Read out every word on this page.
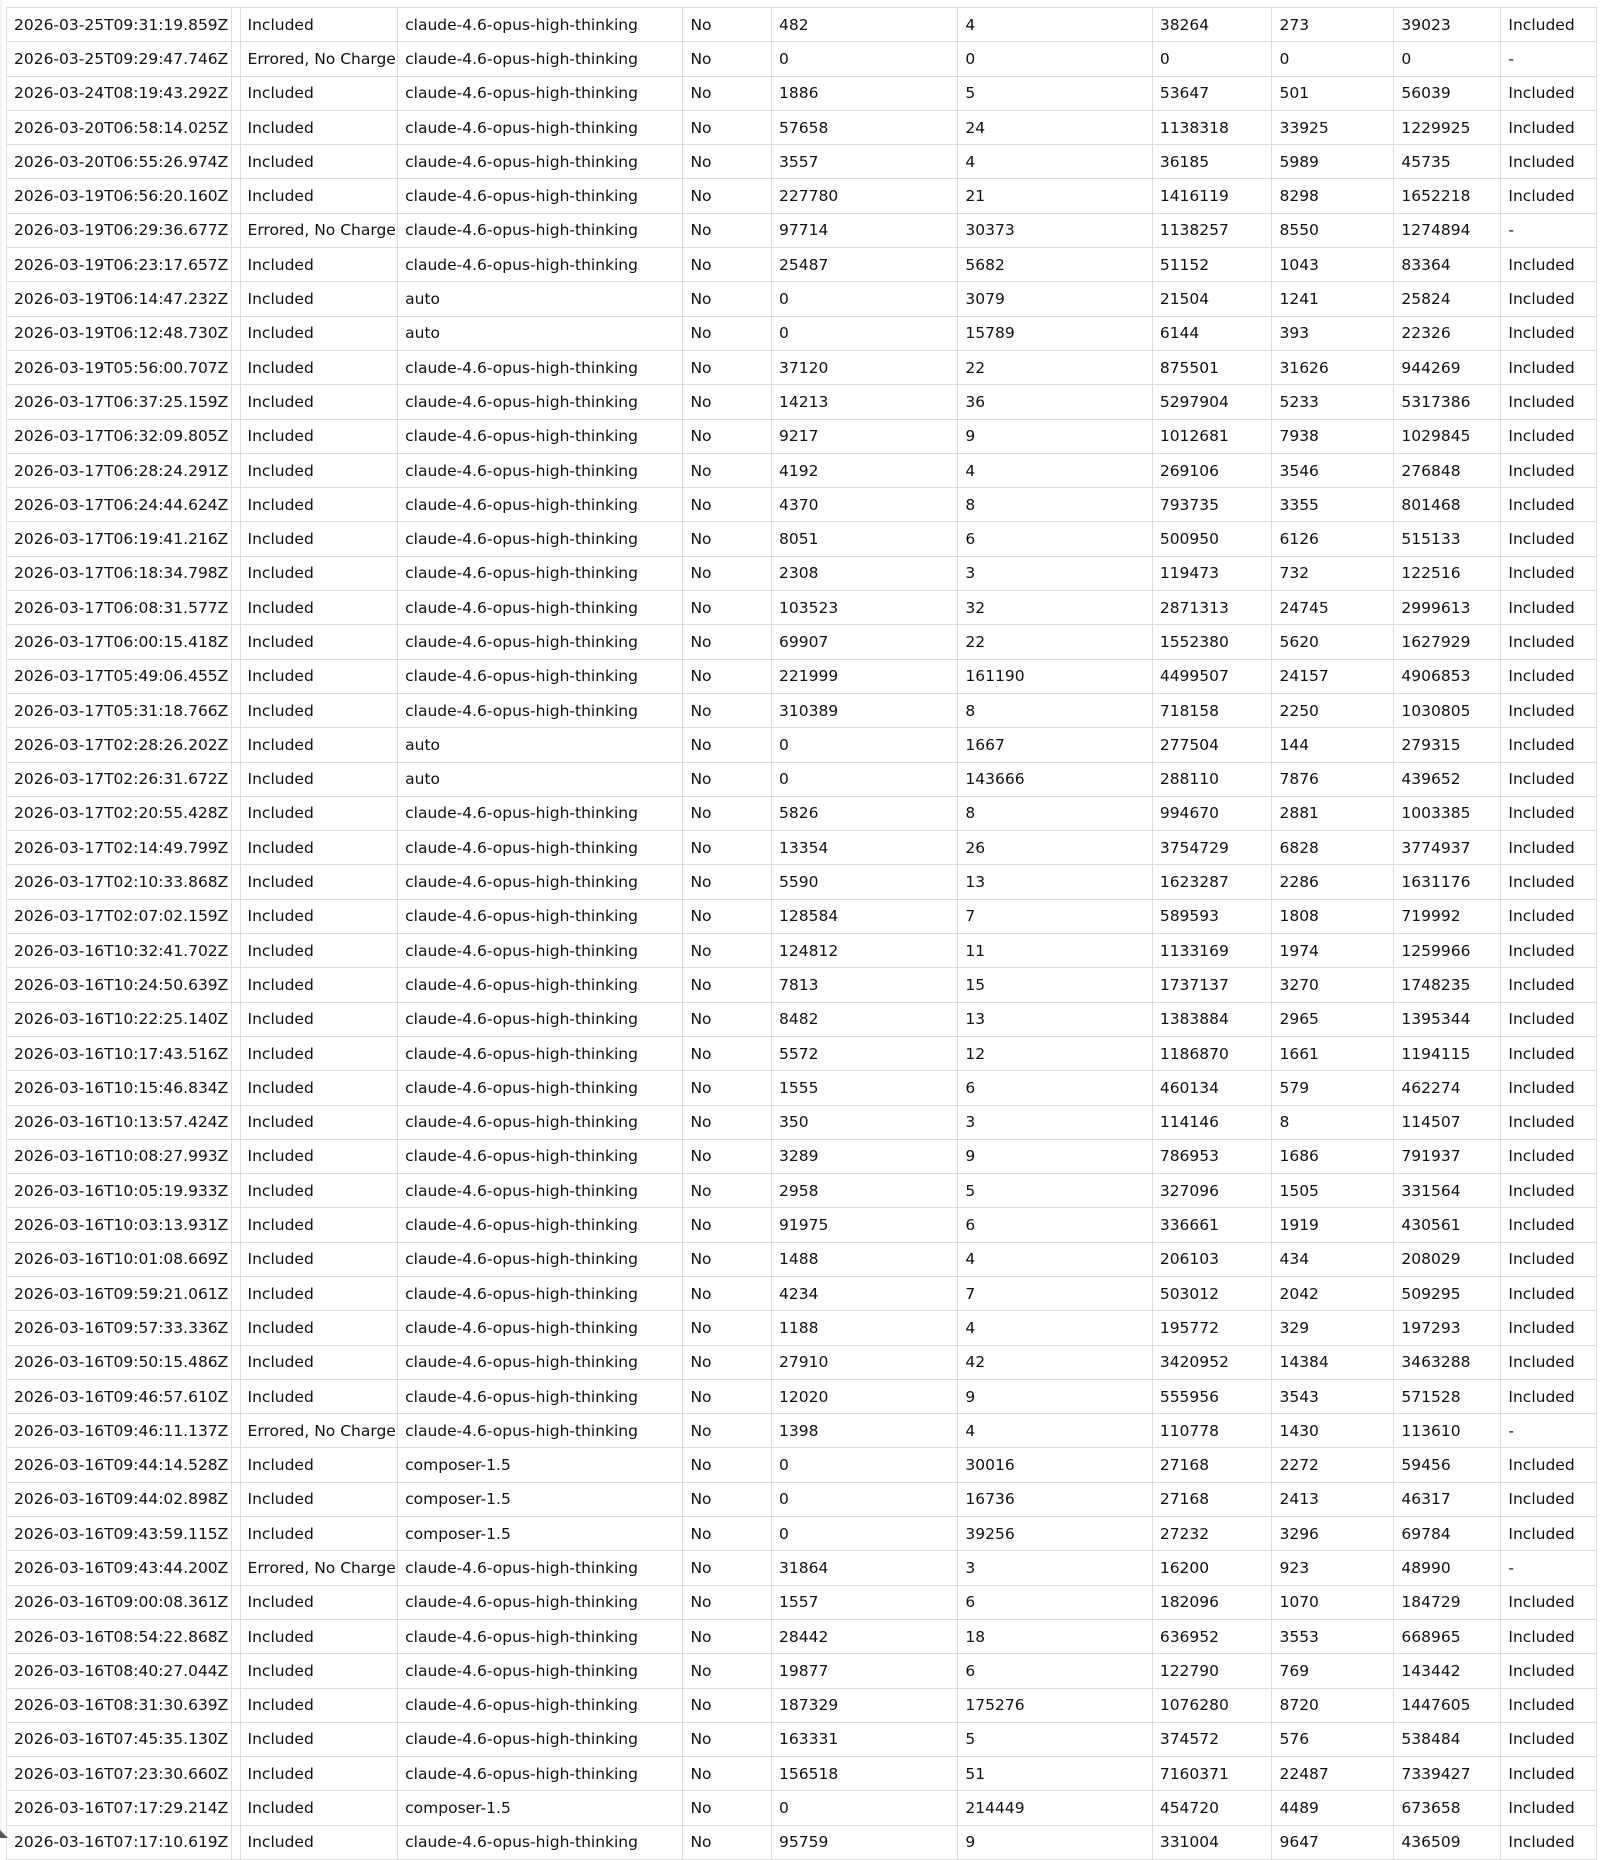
2026-03-25T09:31:19.859Z		Included	claude-4.6-opus-high-thinking	No	482	4	38264	273	39023	Included
2026-03-25T09:29:47.746Z		Errored, No Charge	claude-4.6-opus-high-thinking	No	0	0	0	0	0	-
2026-03-24T08:19:43.292Z		Included	claude-4.6-opus-high-thinking	No	1886	5	53647	501	56039	Included
2026-03-20T06:58:14.025Z		Included	claude-4.6-opus-high-thinking	No	57658	24	1138318	33925	1229925	Included
2026-03-20T06:55:26.974Z		Included	claude-4.6-opus-high-thinking	No	3557	4	36185	5989	45735	Included
2026-03-19T06:56:20.160Z		Included	claude-4.6-opus-high-thinking	No	227780	21	1416119	8298	1652218	Included
2026-03-19T06:29:36.677Z		Errored, No Charge	claude-4.6-opus-high-thinking	No	97714	30373	1138257	8550	1274894	-
2026-03-19T06:23:17.657Z		Included	claude-4.6-opus-high-thinking	No	25487	5682	51152	1043	83364	Included
2026-03-19T06:14:47.232Z		Included	auto	No	0	3079	21504	1241	25824	Included
2026-03-19T06:12:48.730Z		Included	auto	No	0	15789	6144	393	22326	Included
2026-03-19T05:56:00.707Z		Included	claude-4.6-opus-high-thinking	No	37120	22	875501	31626	944269	Included
2026-03-17T06:37:25.159Z		Included	claude-4.6-opus-high-thinking	No	14213	36	5297904	5233	5317386	Included
2026-03-17T06:32:09.805Z		Included	claude-4.6-opus-high-thinking	No	9217	9	1012681	7938	1029845	Included
2026-03-17T06:28:24.291Z		Included	claude-4.6-opus-high-thinking	No	4192	4	269106	3546	276848	Included
2026-03-17T06:24:44.624Z		Included	claude-4.6-opus-high-thinking	No	4370	8	793735	3355	801468	Included
2026-03-17T06:19:41.216Z		Included	claude-4.6-opus-high-thinking	No	8051	6	500950	6126	515133	Included
2026-03-17T06:18:34.798Z		Included	claude-4.6-opus-high-thinking	No	2308	3	119473	732	122516	Included
2026-03-17T06:08:31.577Z		Included	claude-4.6-opus-high-thinking	No	103523	32	2871313	24745	2999613	Included
2026-03-17T06:00:15.418Z		Included	claude-4.6-opus-high-thinking	No	69907	22	1552380	5620	1627929	Included
2026-03-17T05:49:06.455Z		Included	claude-4.6-opus-high-thinking	No	221999	161190	4499507	24157	4906853	Included
2026-03-17T05:31:18.766Z		Included	claude-4.6-opus-high-thinking	No	310389	8	718158	2250	1030805	Included
2026-03-17T02:28:26.202Z		Included	auto	No	0	1667	277504	144	279315	Included
2026-03-17T02:26:31.672Z		Included	auto	No	0	143666	288110	7876	439652	Included
2026-03-17T02:20:55.428Z		Included	claude-4.6-opus-high-thinking	No	5826	8	994670	2881	1003385	Included
2026-03-17T02:14:49.799Z		Included	claude-4.6-opus-high-thinking	No	13354	26	3754729	6828	3774937	Included
2026-03-17T02:10:33.868Z		Included	claude-4.6-opus-high-thinking	No	5590	13	1623287	2286	1631176	Included
2026-03-17T02:07:02.159Z		Included	claude-4.6-opus-high-thinking	No	128584	7	589593	1808	719992	Included
2026-03-16T10:32:41.702Z		Included	claude-4.6-opus-high-thinking	No	124812	11	1133169	1974	1259966	Included
2026-03-16T10:24:50.639Z		Included	claude-4.6-opus-high-thinking	No	7813	15	1737137	3270	1748235	Included
2026-03-16T10:22:25.140Z		Included	claude-4.6-opus-high-thinking	No	8482	13	1383884	2965	1395344	Included
2026-03-16T10:17:43.516Z		Included	claude-4.6-opus-high-thinking	No	5572	12	1186870	1661	1194115	Included
2026-03-16T10:15:46.834Z		Included	claude-4.6-opus-high-thinking	No	1555	6	460134	579	462274	Included
2026-03-16T10:13:57.424Z		Included	claude-4.6-opus-high-thinking	No	350	3	114146	8	114507	Included
2026-03-16T10:08:27.993Z		Included	claude-4.6-opus-high-thinking	No	3289	9	786953	1686	791937	Included
2026-03-16T10:05:19.933Z		Included	claude-4.6-opus-high-thinking	No	2958	5	327096	1505	331564	Included
2026-03-16T10:03:13.931Z		Included	claude-4.6-opus-high-thinking	No	91975	6	336661	1919	430561	Included
2026-03-16T10:01:08.669Z		Included	claude-4.6-opus-high-thinking	No	1488	4	206103	434	208029	Included
2026-03-16T09:59:21.061Z		Included	claude-4.6-opus-high-thinking	No	4234	7	503012	2042	509295	Included
2026-03-16T09:57:33.336Z		Included	claude-4.6-opus-high-thinking	No	1188	4	195772	329	197293	Included
2026-03-16T09:50:15.486Z		Included	claude-4.6-opus-high-thinking	No	27910	42	3420952	14384	3463288	Included
2026-03-16T09:46:57.610Z		Included	claude-4.6-opus-high-thinking	No	12020	9	555956	3543	571528	Included
2026-03-16T09:46:11.137Z		Errored, No Charge	claude-4.6-opus-high-thinking	No	1398	4	110778	1430	113610	-
2026-03-16T09:44:14.528Z		Included	composer-1.5	No	0	30016	27168	2272	59456	Included
2026-03-16T09:44:02.898Z		Included	composer-1.5	No	0	16736	27168	2413	46317	Included
2026-03-16T09:43:59.115Z		Included	composer-1.5	No	0	39256	27232	3296	69784	Included
2026-03-16T09:43:44.200Z		Errored, No Charge	claude-4.6-opus-high-thinking	No	31864	3	16200	923	48990	-
2026-03-16T09:00:08.361Z		Included	claude-4.6-opus-high-thinking	No	1557	6	182096	1070	184729	Included
2026-03-16T08:54:22.868Z		Included	claude-4.6-opus-high-thinking	No	28442	18	636952	3553	668965	Included
2026-03-16T08:40:27.044Z		Included	claude-4.6-opus-high-thinking	No	19877	6	122790	769	143442	Included
2026-03-16T08:31:30.639Z		Included	claude-4.6-opus-high-thinking	No	187329	175276	1076280	8720	1447605	Included
2026-03-16T07:45:35.130Z		Included	claude-4.6-opus-high-thinking	No	163331	5	374572	576	538484	Included
2026-03-16T07:23:30.660Z		Included	claude-4.6-opus-high-thinking	No	156518	51	7160371	22487	7339427	Included
2026-03-16T07:17:29.214Z		Included	composer-1.5	No	0	214449	454720	4489	673658	Included
2026-03-16T07:17:10.619Z		Included	claude-4.6-opus-high-thinking	No	95759	9	331004	9647	436509	Included
